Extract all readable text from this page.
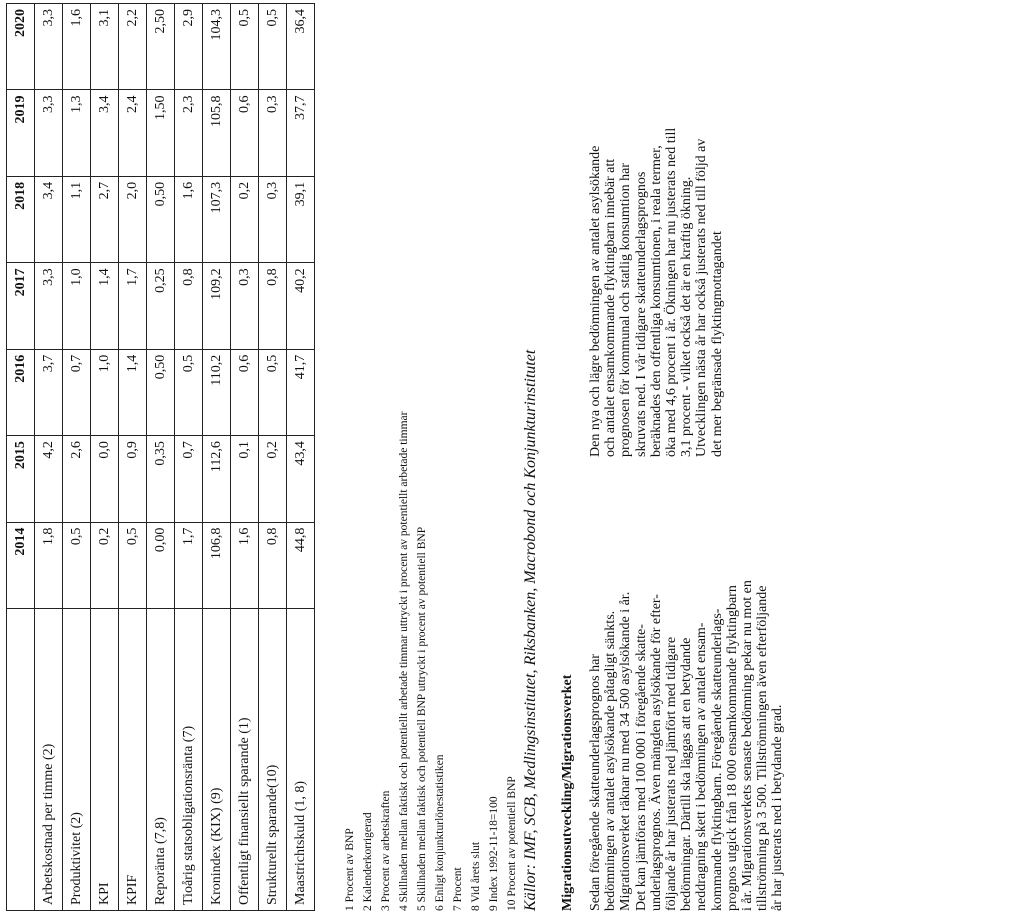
	2014	2015	2016	2017	2018	2019	2020
Arbetskostnad per timme (2)	1,8	4,2	3,7	3,3	3,4	3,3	3,3
Produktivitet (2)	0,5	2,6	0,7	1,0	1,1	1,3	1,6
KPI	0,2	0,0	1,0	1,4	2,7	3,4	3,1
KPIF	0,5	0,9	1,4	1,7	2,0	2,4	2,2
Reporänta (7,8)	0,00	0,35	0,50	0,25	0,50	1,50	2,50
Tioårig statsobligationsränta (7)	1,7	0,7	0,5	0,8	1,6	2,3	2,9
Kronindex (KIX) (9)	106,8	112,6	110,2	109,2	107,3	105,8	104,3
Offentligt finansiellt sparande (1)	1,6	0,1	0,6	0,3	0,2	0,6	0,5
Strukturellt sparande(10)	0,8	0,2	0,5	0,8	0,3	0,3	0,5
Maastrichtskuld (1, 8)	44,8	43,4	41,7	40,2	39,1	37,7	36,4
1 Procent av BNP 2 Kalenderkorrigerad 3 Procent av arbetskraften 4 Skillnaden mellan faktiskt och potentiellt arbetade timmar uttryckt i procent av potentiellt arbetade timmar 5 Skillnaden mellan faktisk och potentiell BNP uttryckt i procent av potentiell BNP 6 Enligt konjunkturlönestatistiken 7 Procent 8 Vid årets slut 9 Index 1992-11-18=100 10 Procent av potentiell BNP Källor: IMF, SCB, Medlingsinstitutet, Riksbanken, Macrobond och Konjunkturinstitutet Migrationsutveckling/Migrationsverket Sedan föregående skatteunderlagsprognos har bedömningen av antalet asylsökande påtagligt sänkts. Migrationsverket räknar nu med 34 500 asylsökande i år. Det kan jämföras med 100 000 i föregående skatte- underlagsprognos. Även mängden asylsökande för efter- följande år har justerats ned jämfört med tidigare bedömningar. Därtill ska läggas att en betydande neddragning skett i bedömningen av antalet ensam- kommande flyktingbarn. Föregående skatteunderlags- prognos utgick från 18 000 ensamkommande flyktingbarn i år. Migrationsverkets senaste bedömning pekar nu mot en tillströmning på 3 500. Tillströmningen även efterföljande år har justerats ned i betydande grad.
Den nya och lägre bedömningen av antalet asylsökande och antalet ensamkommande flyktingbarn innebär att prognosen för kommunal och statlig konsumtion har skruvats ned. I vår tidigare skatteunderlagsprognos beräknades den offentliga konsumtionen, i reala termer, öka med 4,6 procent i år. Ökningen har nu justerats ned till 3,1 procent - vilket också det är en kraftig ökning. Utvecklingen nästa år har också justerats ned till följd av det mer begränsade flyktingmottagandet
